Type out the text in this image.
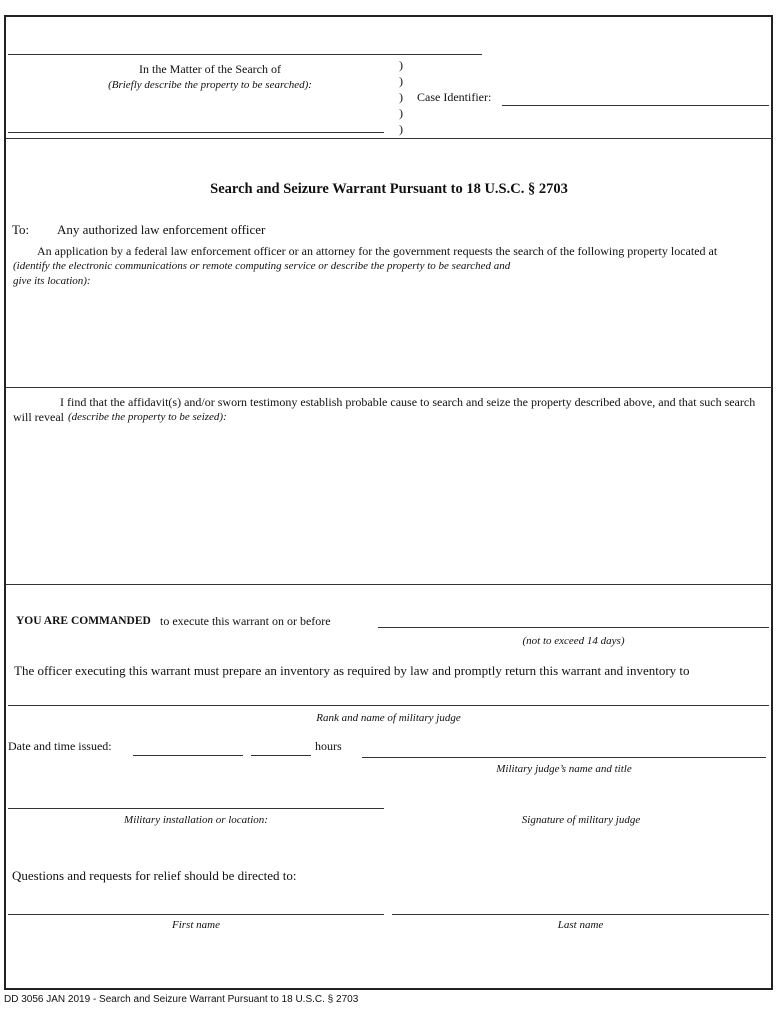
In the Matter of the Search of
(Briefly describe the property to be searched):
)
)
)
)
)
Case Identifier:
Search and Seizure Warrant Pursuant to 18 U.S.C. § 2703
To: Any authorized law enforcement officer
An application by a federal law enforcement officer or an attorney for the government requests the search of the following property located at
(identify the electronic communications or remote computing service or describe the property to be searched and
give its location):
I find that the affidavit(s) and/or sworn testimony establish probable cause to search and seize the property described above, and that such search
will reveal (describe the property to be seized):
YOU ARE COMMANDED to execute this warrant on or before
(not to exceed 14 days)
The officer executing this warrant must prepare an inventory as required by law and promptly return this warrant and inventory to
Rank and name of military judge
Date and time issued:	hours
Military judge’s name and title
Military installation or location:	Signature of military judge
Questions and requests for relief should be directed to:
First name	Last name
DD 3056 JAN 2019 - Search and Seizure Warrant Pursuant to 18 U.S.C. § 2703
